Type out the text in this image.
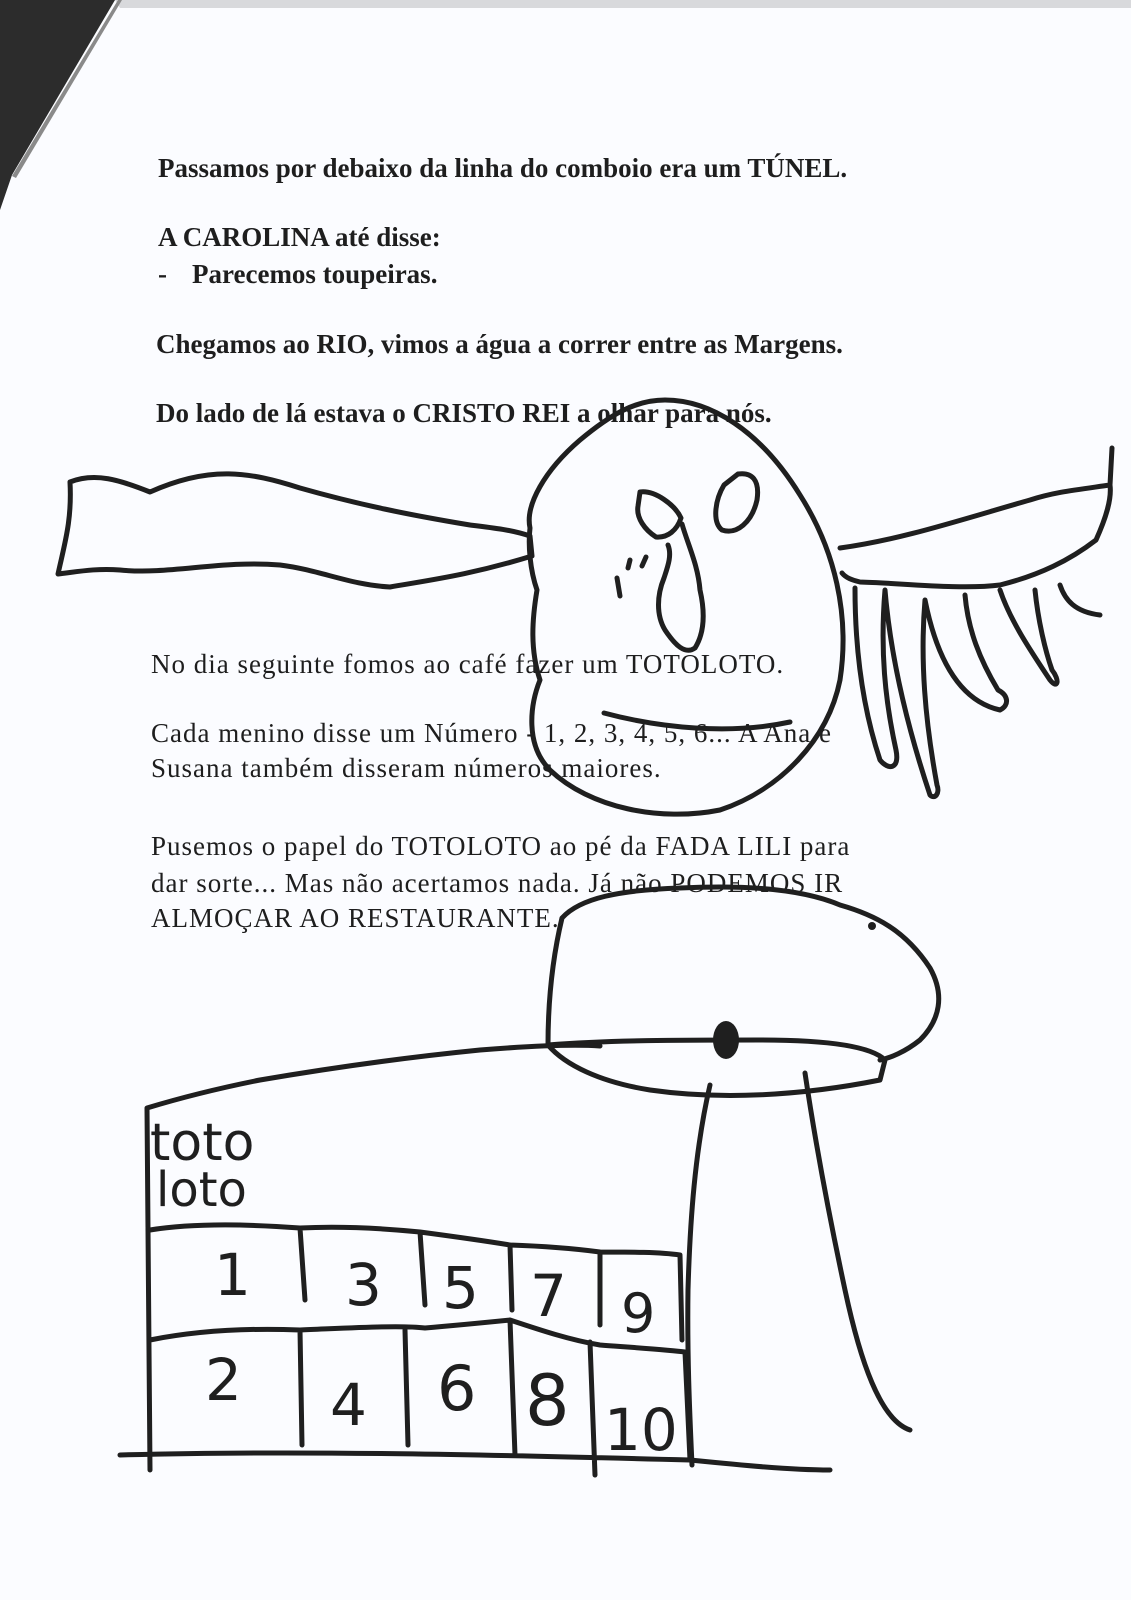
Passamos por debaixo da linha do comboio era um TÚNEL.

A CAROLINA até disse:

- Parecemos toupeiras.

Chegamos ao RIO, vimos a água a correr entre as Margens.

Do lado de lá estava o CRISTO REI a olhar para nós.

No dia seguinte fomos ao café fazer um TOTOLOTO.

Cada menino disse um Número - 1, 2, 3, 4, 5, 6... A Ana e

Susana também disseram números maiores.

Pusemos o papel do TOTOLOTO ao pé da FADA LILI para

dar sorte... Mas não acertamos nada. Já não PODEMOS IR

ALMOÇAR AO RESTAURANTE.

toto
loto
1 3 5 7 9
2 4 6 8 10
